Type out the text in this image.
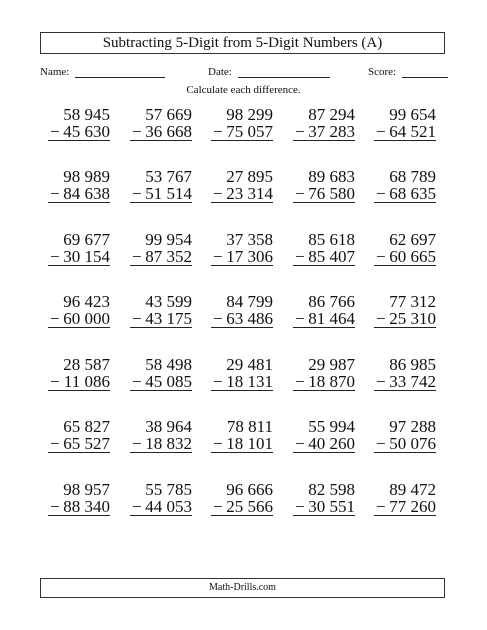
Subtracting 5-Digit from 5-Digit Numbers (A)
Name:	Date:	Score:
Calculate each difference.
58 945
− 45 630
57 669
− 36 668
98 299
− 75 057
87 294
− 37 283
99 654
− 64 521
98 989
− 84 638
53 767
− 51 514
27 895
− 23 314
89 683
− 76 580
68 789
− 68 635
69 677
− 30 154
99 954
− 87 352
37 358
− 17 306
85 618
− 85 407
62 697
− 60 665
96 423
− 60 000
43 599
− 43 175
84 799
− 63 486
86 766
− 81 464
77 312
− 25 310
28 587
− 11 086
58 498
− 45 085
29 481
− 18 131
29 987
− 18 870
86 985
− 33 742
65 827
− 65 527
38 964
− 18 832
78 811
− 18 101
55 994
− 40 260
97 288
− 50 076
98 957
− 88 340
55 785
− 44 053
96 666
− 25 566
82 598
− 30 551
89 472
− 77 260
Math-Drills.com
